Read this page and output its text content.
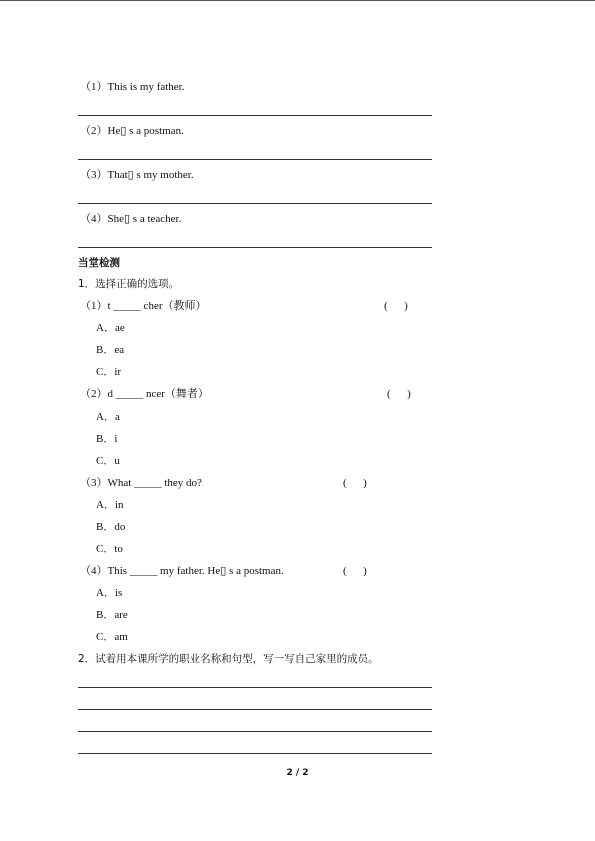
（1）This is my father.
（2）He▯ s a postman.
（3）That▯ s my mother.
（4）She▯ s a teacher.
当堂检测
1．选择正确的选项。
（1）t _____ cher（教师）	(      )
A．ae
B．ea
C．ir
（2）d _____ ncer（舞者）	(      )
A．a
B．i
C．u
（3）What _____ they do?	(      )
A．in
B．do
C．to
（4）This _____ my father. He▯ s a postman.	(      )
A．is
B．are
C．am
2．试着用本课所学的职业名称和句型，写一写自己家里的成员。
2 / 2
